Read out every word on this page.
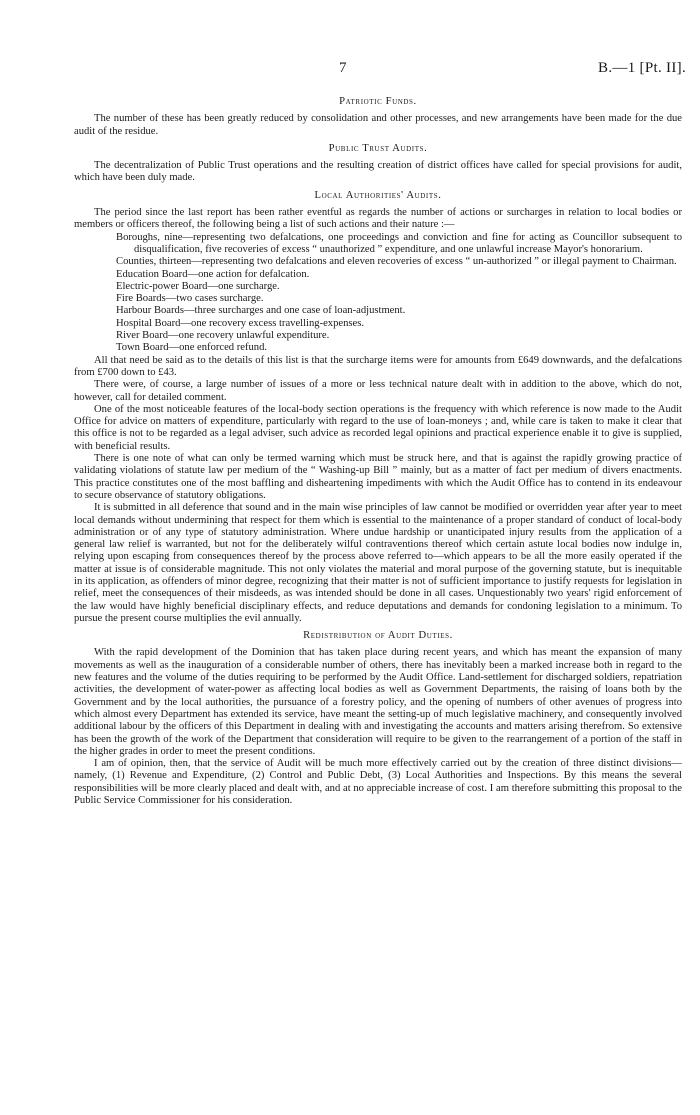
7	B.—1 [Pt. II].
Patriotic Funds.

The number of these has been greatly reduced by consolidation and other processes, and new arrangements have been made for the due audit of the residue.

Public Trust Audits.

The decentralization of Public Trust operations and the resulting creation of district offices have called for special provisions for audit, which have been duly made.

Local Authorities' Audits.

The period since the last report has been rather eventful as regards the number of actions or surcharges in relation to local bodies or members or officers thereof, the following being a list of such actions and their nature :—

Boroughs, nine—representing two defalcations, one proceedings and conviction and fine for acting as Councillor subsequent to disqualification, five recoveries of excess “ unauthorized ” expenditure, and one unlawful increase Mayor's honorarium.
Counties, thirteen—representing two defalcations and eleven recoveries of excess “ un-authorized ” or illegal payment to Chairman.
Education Board—one action for defalcation.
Electric-power Board—one surcharge.
Fire Boards—two cases surcharge.
Harbour Boards—three surcharges and one case of loan-adjustment.
Hospital Board—one recovery excess travelling-expenses.
River Board—one recovery unlawful expenditure.
Town Board—one enforced refund.

All that need be said as to the details of this list is that the surcharge items were for amounts from £649 downwards, and the defalcations from £700 down to £43.

There were, of course, a large number of issues of a more or less technical nature dealt with in addition to the above, which do not, however, call for detailed comment.

One of the most noticeable features of the local-body section operations is the frequency with which reference is now made to the Audit Office for advice on matters of expenditure, particularly with regard to the use of loan-moneys ; and, while care is taken to make it clear that this office is not to be regarded as a legal adviser, such advice as recorded legal opinions and practical experience enable it to give is supplied, with beneficial results.

There is one note of what can only be termed warning which must be struck here, and that is against the rapidly growing practice of validating violations of statute law per medium of the “ Washing-up Bill ” mainly, but as a matter of fact per medium of divers enactments. This practice constitutes one of the most baffling and disheartening impediments with which the Audit Office has to contend in its endeavour to secure observance of statutory obligations.

It is submitted in all deference that sound and in the main wise principles of law cannot be modified or overridden year after year to meet local demands without undermining that respect for them which is essential to the maintenance of a proper standard of conduct of local-body administration or of any type of statutory administration. Where undue hardship or unanticipated injury results from the application of a general law relief is warranted, but not for the deliberately wilful contraventions thereof which certain astute local bodies now indulge in, relying upon escaping from consequences thereof by the process above referred to—which appears to be all the more easily operated if the matter at issue is of considerable magnitude. This not only violates the material and moral purpose of the governing statute, but is inequitable in its application, as offenders of minor degree, recognizing that their matter is not of sufficient importance to justify requests for legislation in relief, meet the consequences of their misdeeds, as was intended should be done in all cases. Unquestionably two years' rigid enforcement of the law would have highly beneficial disciplinary effects, and reduce deputations and demands for condoning legislation to a minimum. To pursue the present course multiplies the evil annually.

Redistribution of Audit Duties.

With the rapid development of the Dominion that has taken place during recent years, and which has meant the expansion of many movements as well as the inauguration of a considerable number of others, there has inevitably been a marked increase both in regard to the new features and the volume of the duties requiring to be performed by the Audit Office. Land-settlement for discharged soldiers, repatriation activities, the development of water-power as affecting local bodies as well as Government Departments, the raising of loans both by the Government and by the local authorities, the pursuance of a forestry policy, and the opening of numbers of other avenues of progress into which almost every Department has extended its service, have meant the setting-up of much legislative machinery, and consequently involved additional labour by the officers of this Department in dealing with and investigating the accounts and matters arising therefrom. So extensive has been the growth of the work of the Department that consideration will require to be given to the rearrangement of a portion of the staff in the higher grades in order to meet the present conditions.

I am of opinion, then, that the service of Audit will be much more effectively carried out by the creation of three distinct divisions—namely, (1) Revenue and Expenditure, (2) Control and Public Debt, (3) Local Authorities and Inspections. By this means the several responsibilities will be more clearly placed and dealt with, and at no appreciable increase of cost. I am therefore submitting this proposal to the Public Service Commissioner for his consideration.
